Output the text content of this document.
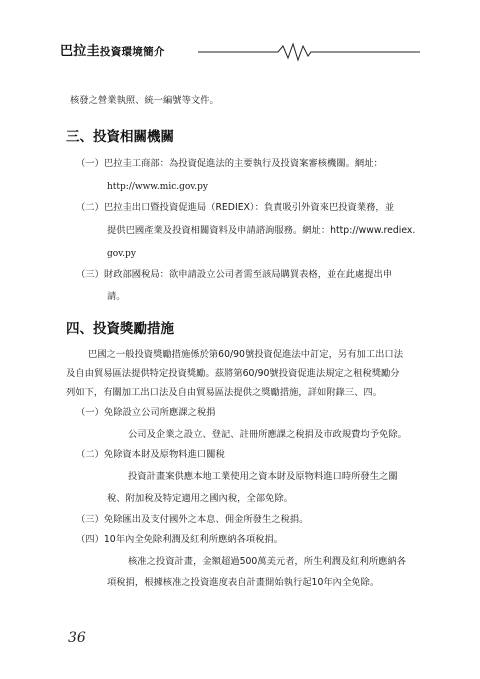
巴拉圭投資環境簡介
核發之營業執照、統一編號等文件。
三、投資相關機關
（一）巴拉圭工商部：為投資促進法的主要執行及投資案審核機關。網址：
http://www.mic.gov.py
（二）巴拉圭出口暨投資促進局（REDIEX）：負責吸引外資來巴投資業務，並
提供巴國產業及投資相關資料及申請諮詢服務。網址：http://www.rediex.
gov.py
（三）財政部國稅局：欲申請設立公司者需至該局購買表格，並在此處提出申
請。
四、投資獎勵措施
巴國之一般投資獎勵措施係於第60/90號投資促進法中訂定，另有加工出口法
及自由貿易區法提供特定投資獎勵。茲將第60/90號投資促進法規定之租稅獎勵分
列如下，有關加工出口法及自由貿易區法提供之獎勵措施，詳如附錄三、四。
（一）免除設立公司所應課之稅捐
公司及企業之設立、登記、註冊所應課之稅捐及市政規費均予免除。
（二）免除資本財及原物料進口關稅
投資計畫案供應本地工業使用之資本財及原物料進口時所發生之關
稅、附加稅及特定適用之國內稅，全部免除。
（三）免除匯出及支付國外之本息、佣金所發生之稅捐。
（四）10年內全免除利潤及紅利所應納各項稅捐。
核准之投資計畫，金額超過500萬美元者，所生利潤及紅利所應納各
項稅捐，根據核准之投資進度表自計畫開始執行起10年內全免除。
36
